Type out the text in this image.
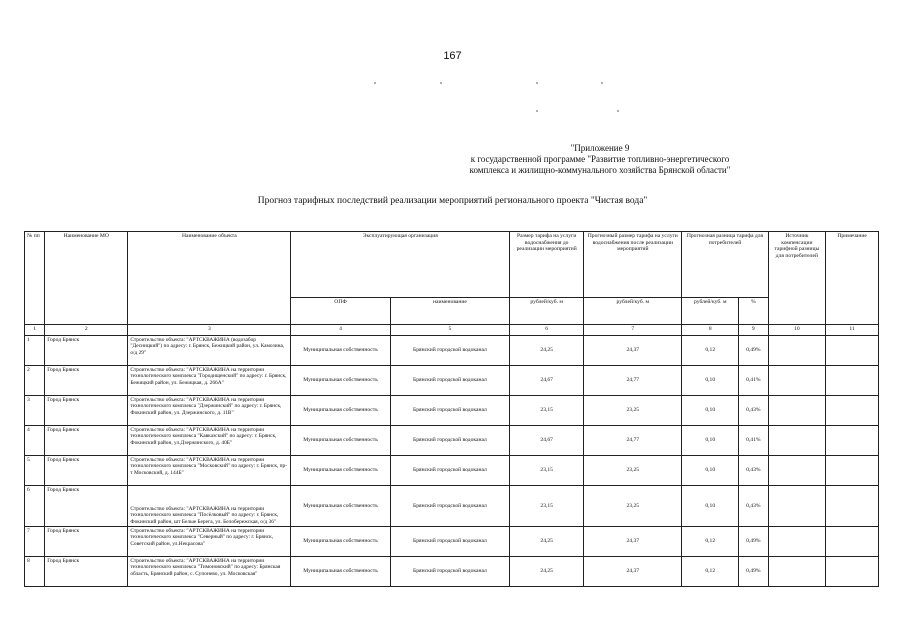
167
"Приложение 9
к государственной программе "Развитие топливно-энергетического
комплекса и жилищно-коммунального хозяйства Брянской области"
Прогноз тарифных последствий реализации мероприятий регионального проекта "Чистая вода"
№ пп	Наименование МО	Наименование объекта	Эксплуатирующая организация		Размер тарифа на услуги водоснабжения до реализации мероприятий	Прогнозный размер тарифа на услуги водоснабжения после реализации мероприятий	Прогнозная разница тарифа для потребителей		Источник компенсации тарифной разницы для потребителей	Примечание
			ОПФ	наименование	рублей/куб. м	рублей/куб. м	рублей/куб. м	%		
1	2	3	4	5	6	7	8	9	10	11
1	Город Брянск	Строительство объекта: "АРТСКВАЖИНА (водозабор "Десницкий") по адресу: г. Брянск, Бежицкий район, ул. Камозина, о/д 29"	Муниципальная собственность	Брянский городской водоканал	24,25	24,37	0,12	0,49%		
2	Город Брянск	Строительство объекта: "АРТСКВАЖИНА на территории технологического комплекса "Городищенский" по адресу: г. Брянск, Бежицкий район, ул. Бежицкая, д. 266А"	Муниципальная собственность	Брянский городской водоканал	24,67	24,77	0,10	0,41%		
3	Город Брянск	Строительство объекта: "АРТСКВАЖИНА на территории технологического комплекса "Дзержинский" по адресу: г. Брянск, Фокинский район, ул. Дзержинского, д. 11В"	Муниципальная собственность	Брянский городской водоканал	23,15	23,25	0,10	0,43%		
4	Город Брянск	Строительство объекта: "АРТСКВАЖИНА на территории технологического комплекса "Кавказский" по адресу: г. Брянск, Фокинский район, ул.Дзержинского, д. 40Б"	Муниципальная собственность	Брянский городской водоканал	24,67	24,77	0,10	0,41%		
5	Город Брянск	Строительство объекта: "АРТСКВАЖИНА на территории технологического комплекса "Московский" по адресу: г. Брянск, пр-т Московский, д. 144Б"	Муниципальная собственность	Брянский городской водоканал	23,15	23,25	0,10	0,43%		
6	Город Брянск	Строительство объекта: "АРТСКВАЖИНА на территории технологического комплекса "Посëлковый" по адресу: г. Брянск, Фокинский район, шт Белые Берега, ул. Белобережская, о/д 36"	Муниципальная собственность	Брянский городской водоканал	23,15	23,25	0,10	0,43%		
7	Город Брянск	Строительство объекта: "АРТСКВАЖИНА на территории технологического комплекса "Северный" по адресу: г. Брянск, Советский район, ул.Некрасова"	Муниципальная собственность	Брянский городской водоканал	24,25	24,37	0,12	0,49%		
8	Город Брянск	Строительство объекта: "АРТСКВАЖИНА на территории технологического комплекса "Тимоновский" по адресу: Брянская область, Брянский район, с. Супонево, ул. Московская"	Муниципальная собственность	Брянский городской водоканал	24,25	24,37	0,12	0,49%		
